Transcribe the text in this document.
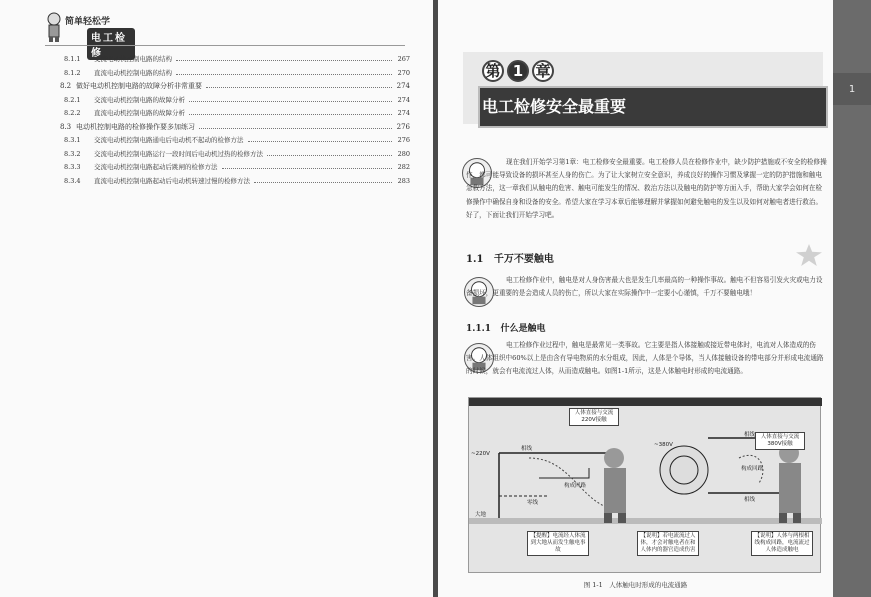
1
简单轻松学
电工检修
8.1.1	交流电动机控制电路的结构	267
8.1.2	直流电动机控制电路的结构	270
8.2 做好电动机控制电路的故障分析非常重要	274
8.2.1	交流电动机控制电路的故障分析	274
8.2.2	直流电动机控制电路的故障分析	274
8.3 电动机控制电路的检修操作要多加练习	276
8.3.1	交流电动机控制电路通电后电动机不起动的检修方法	276
8.3.2	交流电动机控制电路运行一段时间后电动机过热的检修方法	280
8.3.3	交流电动机控制电路起动后跳闸的检修方法	282
8.3.4	直流电动机控制电路起动后电动机转速过慢的检修方法	283
第 1 章
电工检修安全最重要
现在我们开始学习第1章：电工检修安全最重要。电工检修人员在检修作业中，缺少防护措施或不安全的检修操作，都可能导致设备的损坏甚至人身的伤亡。为了让大家树立安全意识，养成良好的操作习惯及掌握一定的防护措施和触电急救方法，这一章我们从触电的危害、触电可能发生的情况、救治方法以及触电的防护等方面入手，帮助大家学会如何在检修操作中确保自身和设备的安全。希望大家在学习本章后能够理解并掌握如何避免触电的发生以及如何对触电者进行救治。好了，下面让我们开始学习吧。
1.1 千万不要触电
电工检修作业中，触电是对人身伤害最大也是发生几率最高的一种操作事故。触电不但容易引发火灾或电力设备损坏，更重要的是会造成人员的伤亡，所以大家在实际操作中一定要小心谨慎，千万不要触电哦！
1.1.1 什么是触电
电工检修作业过程中，触电是最常见一类事故。它主要是指人体接触或接近带电体时，电流对人体造成的伤害。人体组织中60%以上是由含有导电物质的水分组成，因此，人体是个导体，当人体接触设备的带电部分并形成电流通路的时候，就会有电流流过人体，从而造成触电。如图1-1所示，这是人体触电时形成的电流通路。
人体直接与交流220V接触
人体直接与交流380V接触
~220V
~380V
相线
零线
相线
相线
构成回路
构成回路
大地
【提醒】电流经人体流到大地从而发生触电事故
【说明】若电流流过人体，才会对触电者在和人体内的器官造成伤害
【说明】人体与两根相线构成回路，电流流过人体造成触电
图 1-1　人体触电时形成的电流通路
